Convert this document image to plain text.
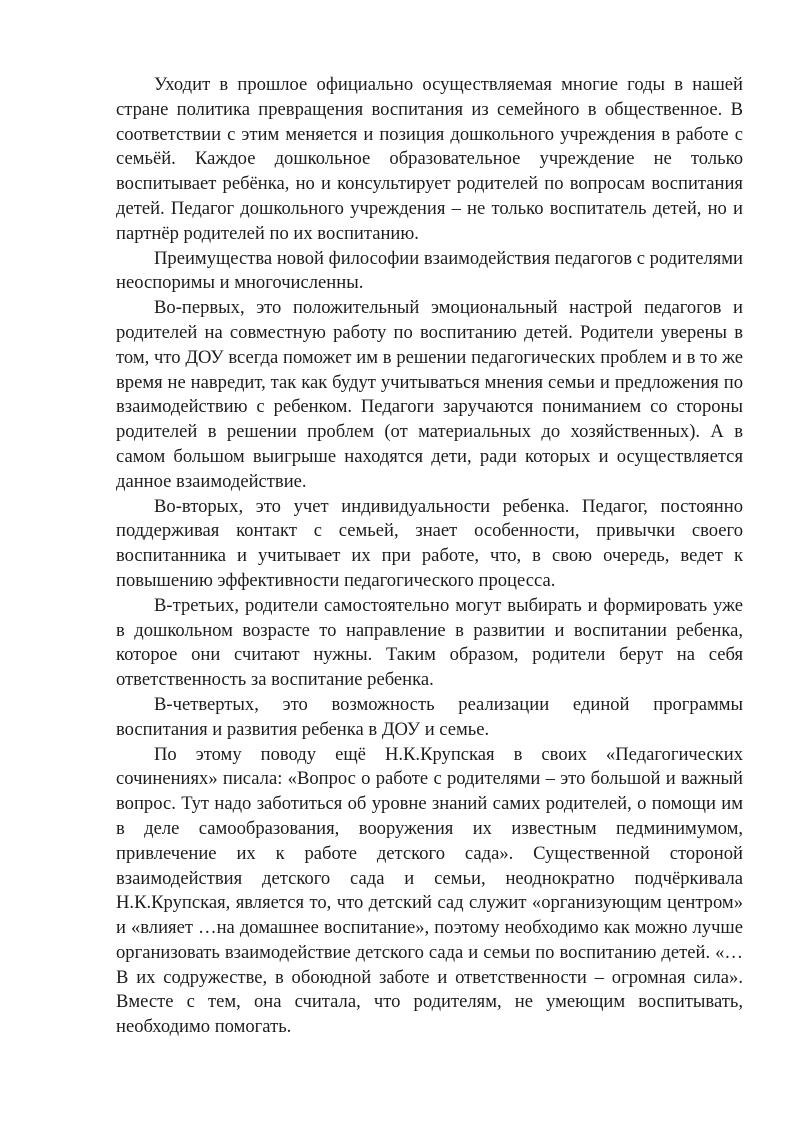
Уходит в прошлое официально осуществляемая многие годы в нашей стране политика превращения воспитания из семейного в общественное. В соответствии с этим меняется и позиция дошкольного учреждения в работе с семьёй. Каждое дошкольное образовательное учреждение не только воспитывает ребёнка, но и консультирует родителей по вопросам воспитания детей. Педагог дошкольного учреждения – не только воспитатель детей, но и партнёр родителей по их воспитанию.

Преимущества новой философии взаимодействия педагогов с родителями неоспоримы и многочисленны.

Во-первых, это положительный эмоциональный настрой педагогов и родителей на совместную работу по воспитанию детей. Родители уверены в том, что ДОУ всегда поможет им в решении педагогических проблем и в то же время не навредит, так как будут учитываться мнения семьи и предложения по взаимодействию с ребенком. Педагоги заручаются пониманием со стороны родителей в решении проблем (от материальных до хозяйственных). А в самом большом выигрыше находятся дети, ради которых и осуществляется данное взаимодействие.

Во-вторых, это учет индивидуальности ребенка. Педагог, постоянно поддерживая контакт с семьей, знает особенности, привычки своего воспитанника и учитывает их при работе, что, в свою очередь, ведет к повышению эффективности педагогического процесса.

В-третьих, родители самостоятельно могут выбирать и формировать уже в дошкольном возрасте то направление в развитии и воспитании ребенка, которое они считают нужны. Таким образом, родители берут на себя ответственность за воспитание ребенка.

В-четвертых, это возможность реализации единой программы воспитания и развития ребенка в ДОУ и семье.

По этому поводу ещё Н.К.Крупская в своих «Педагогических сочинениях» писала: «Вопрос о работе с родителями – это большой и важный вопрос. Тут надо заботиться об уровне знаний самих родителей, о помощи им в деле самообразования, вооружения их известным педминимумом, привлечение их к работе детского сада». Существенной стороной взаимодействия детского сада и семьи, неоднократно подчёркивала Н.К.Крупская, является то, что детский сад служит «организующим центром» и «влияет …на домашнее воспитание», поэтому необходимо как можно лучше организовать взаимодействие детского сада и семьи по воспитанию детей. «…В их содружестве, в обоюдной заботе и ответственности – огромная сила». Вместе с тем, она считала, что родителям, не умеющим воспитывать, необходимо помогать.
